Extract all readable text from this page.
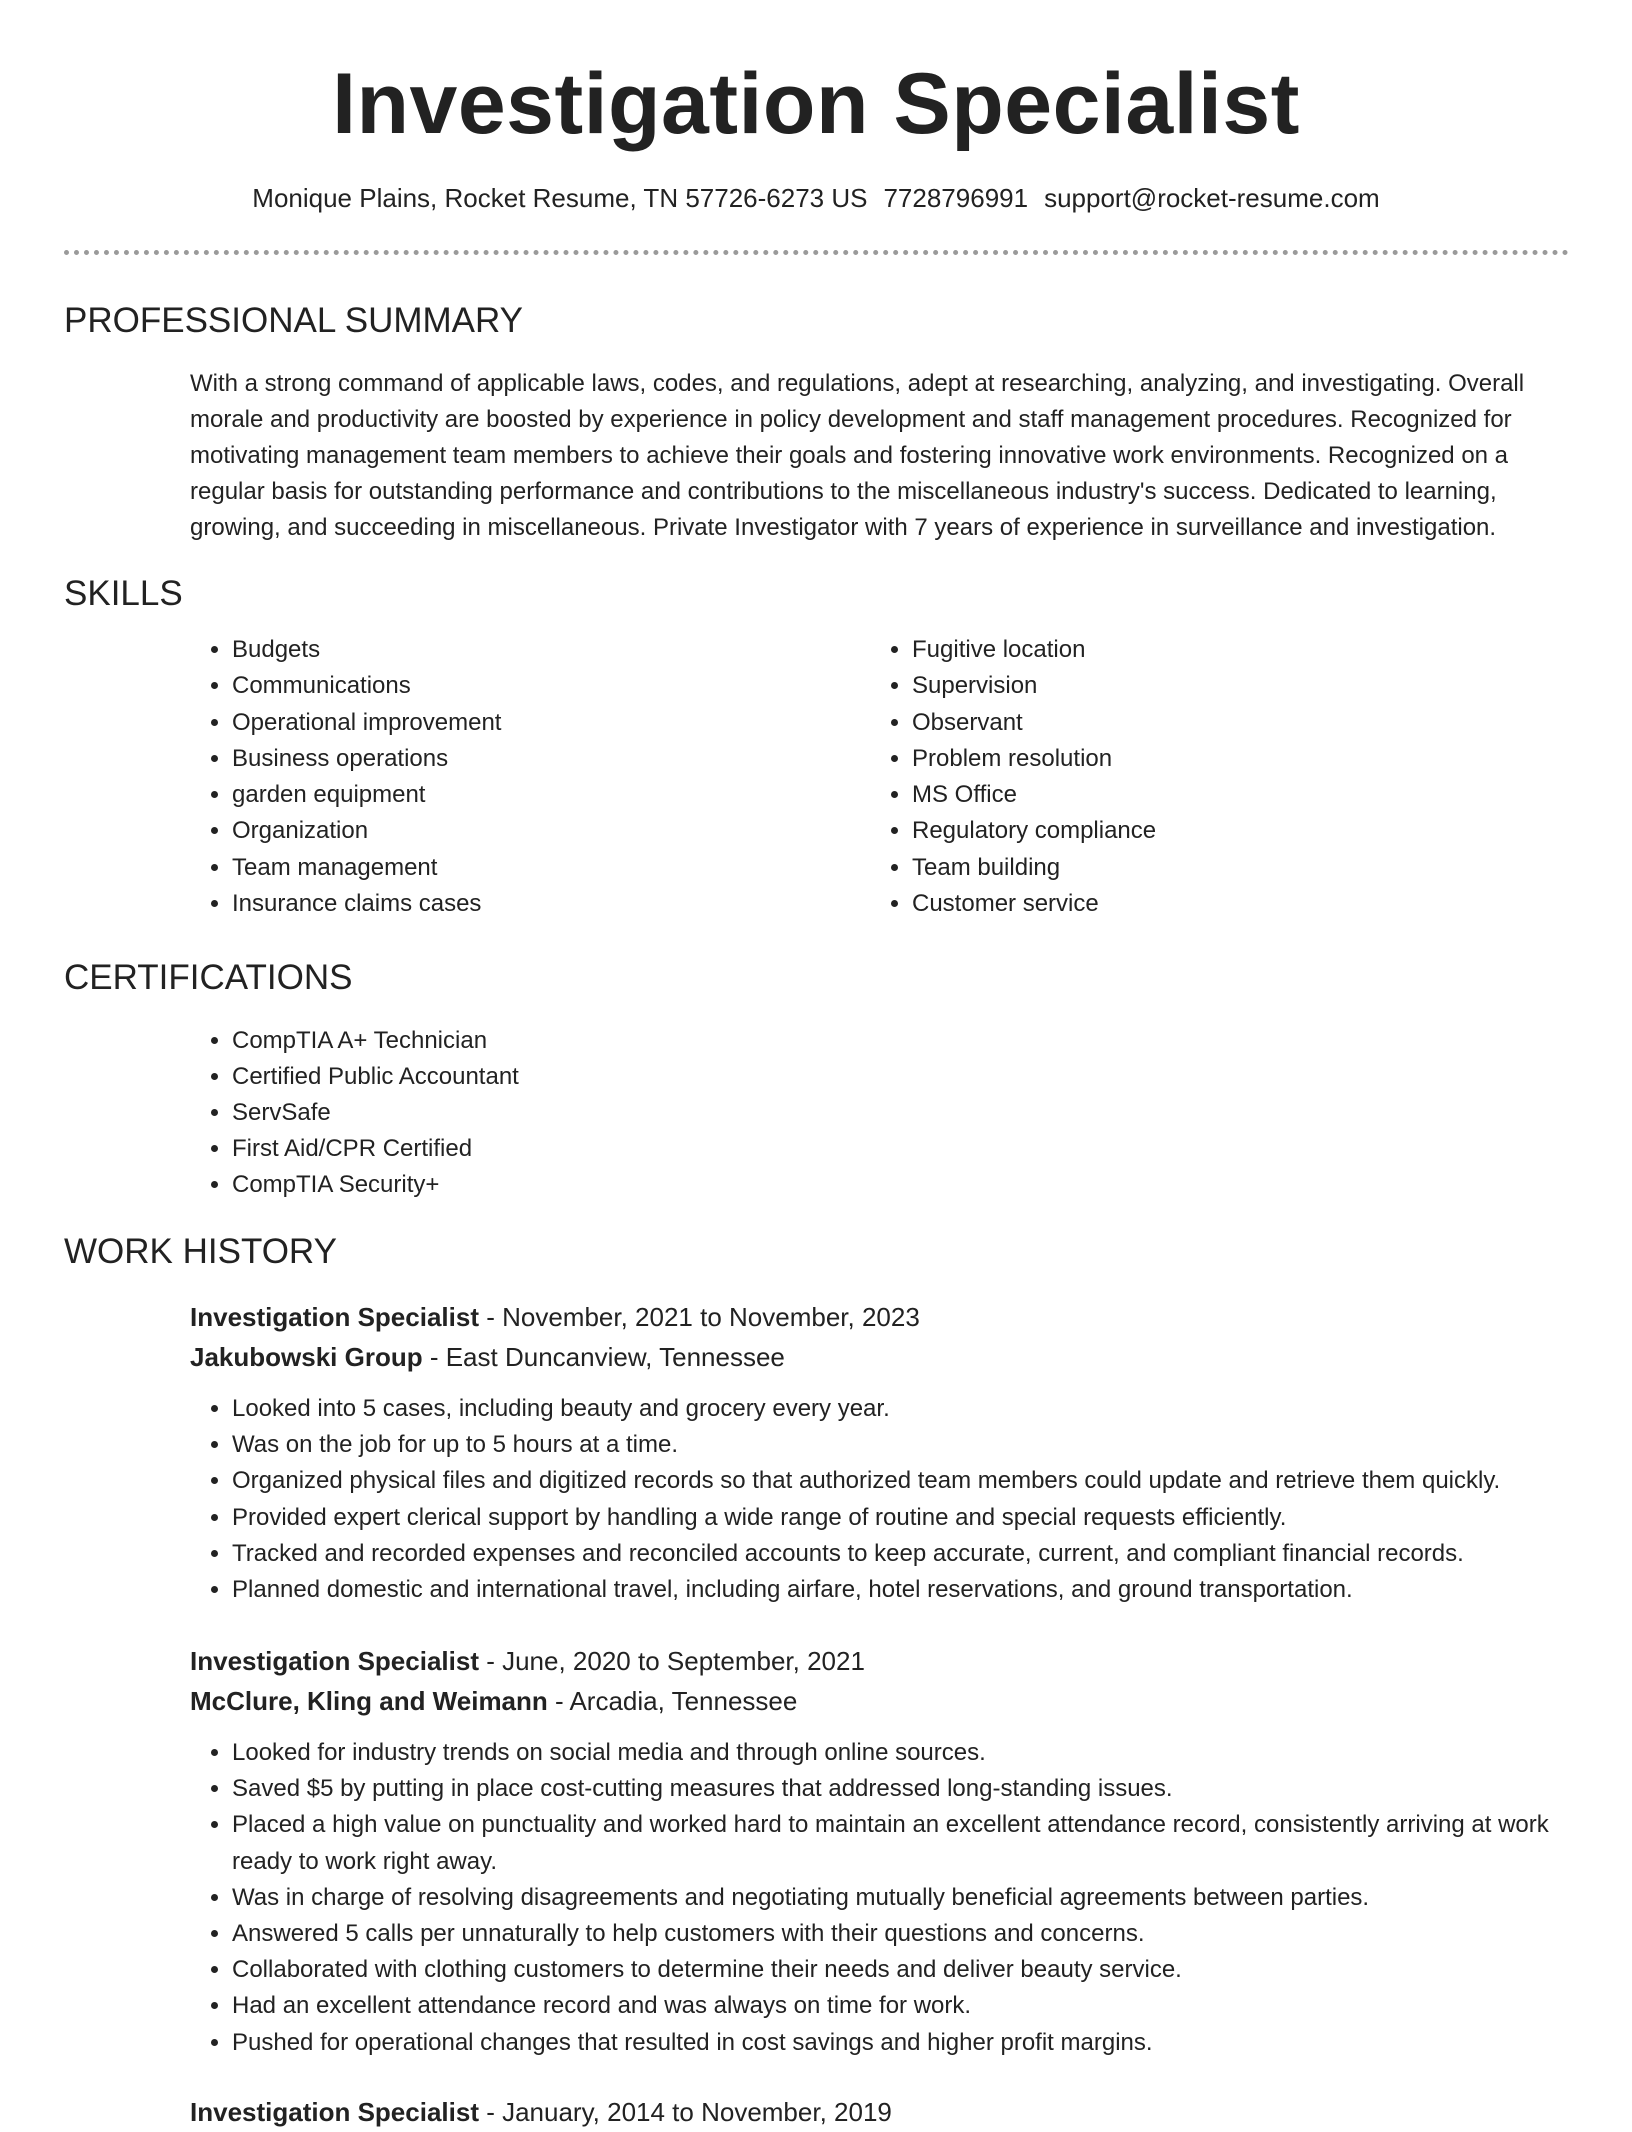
Investigation Specialist
Monique Plains, Rocket Resume, TN 57726-6273 US 7728796991 support@rocket-resume.com
PROFESSIONAL SUMMARY

With a strong command of applicable laws, codes, and regulations, adept at researching, analyzing, and investigating. Overall morale and productivity are boosted by experience in policy development and staff management procedures. Recognized for motivating management team members to achieve their goals and fostering innovative work environments. Recognized on a regular basis for outstanding performance and contributions to the miscellaneous industry's success. Dedicated to learning, growing, and succeeding in miscellaneous. Private Investigator with 7 years of experience in surveillance and investigation.

SKILLS
• Budgets
• Communications
• Operational improvement
• Business operations
• garden equipment
• Organization
• Team management
• Insurance claims cases
• Fugitive location
• Supervision
• Observant
• Problem resolution
• MS Office
• Regulatory compliance
• Team building
• Customer service
CERTIFICATIONS
• CompTIA A+ Technician
• Certified Public Accountant
• ServSafe
• First Aid/CPR Certified
• CompTIA Security+
WORK HISTORY
Investigation Specialist - November, 2021 to November, 2023
Jakubowski Group - East Duncanview, Tennessee
• Looked into 5 cases, including beauty and grocery every year.
• Was on the job for up to 5 hours at a time.
• Organized physical files and digitized records so that authorized team members could update and retrieve them quickly.
• Provided expert clerical support by handling a wide range of routine and special requests efficiently.
• Tracked and recorded expenses and reconciled accounts to keep accurate, current, and compliant financial records.
• Planned domestic and international travel, including airfare, hotel reservations, and ground transportation.
Investigation Specialist - June, 2020 to September, 2021
McClure, Kling and Weimann - Arcadia, Tennessee
• Looked for industry trends on social media and through online sources.
• Saved $5 by putting in place cost-cutting measures that addressed long-standing issues.
• Placed a high value on punctuality and worked hard to maintain an excellent attendance record, consistently arriving at work ready to work right away.
• Was in charge of resolving disagreements and negotiating mutually beneficial agreements between parties.
• Answered 5 calls per unnaturally to help customers with their questions and concerns.
• Collaborated with clothing customers to determine their needs and deliver beauty service.
• Had an excellent attendance record and was always on time for work.
• Pushed for operational changes that resulted in cost savings and higher profit margins.
Investigation Specialist - January, 2014 to November, 2019
